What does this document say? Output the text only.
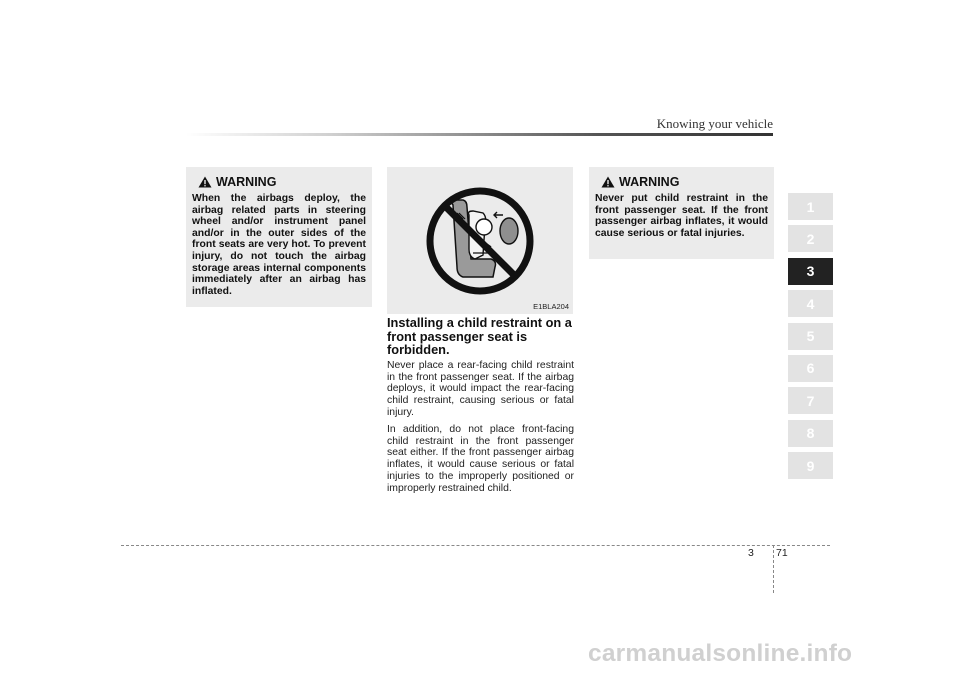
Knowing your vehicle
WARNING

When the airbags deploy, the airbag related parts in steering wheel and/or instrument panel and/or in the outer sides of the front seats are very hot. To prevent injury, do not touch the airbag storage areas internal components immediately after an airbag has inflated.

E1BLA204
Installing a child restraint on a front passenger seat is forbidden.

Never place a rear-facing child restraint in the front passenger seat. If the airbag deploys, it would impact the rear-facing child restraint, causing serious or fatal injury.

In addition, do not place front-facing child restraint in the front passenger seat either. If the front passenger airbag inflates, it would cause serious or fatal injuries to the improperly positioned or improperly restrained child.

WARNING

Never put child restraint in the front passenger seat. If the front passenger airbag inflates, it would cause serious or fatal injuries.

1
2
3
4
5
6
7
8
9
3 71
carmanualsonline.info
